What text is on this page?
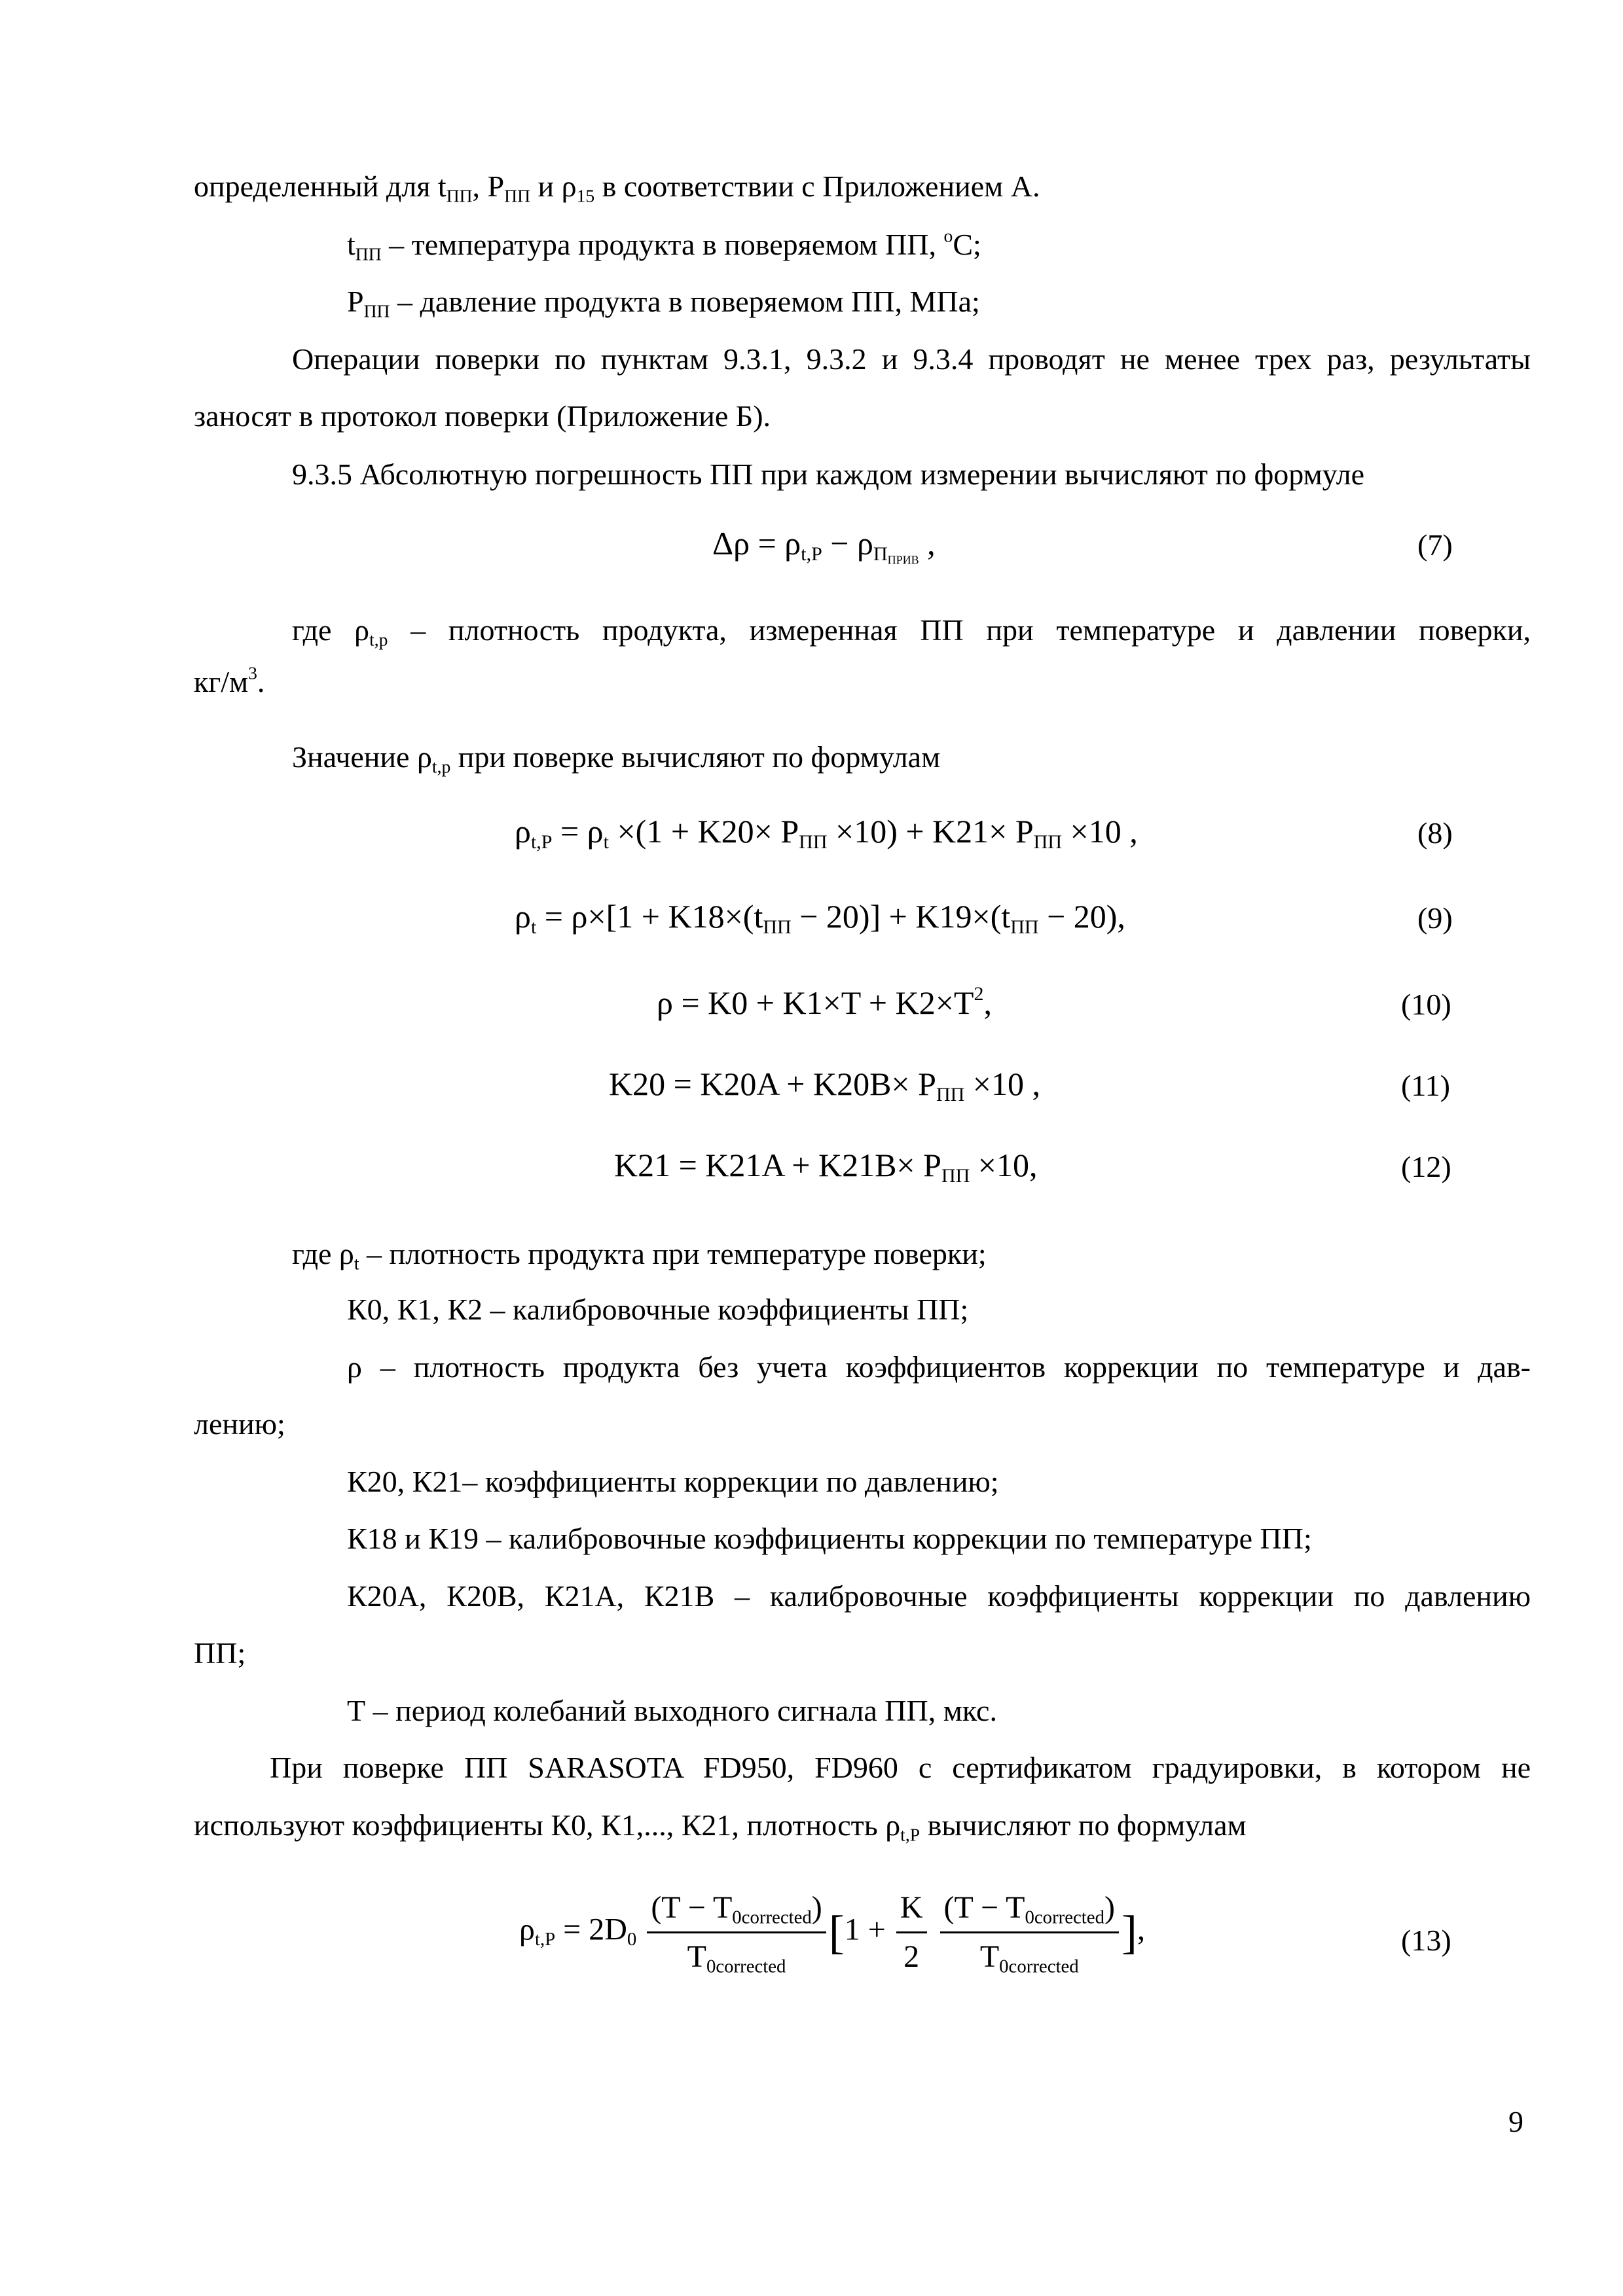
определенный для $t_{ПП}$, $P_{ПП}$ и $\rho_{15}$ в соответствии с Приложением А.
$t_{ПП}$ – температура продукта в поверяемом ПП, $^о$С;
$P_{ПП}$ – давление продукта в поверяемом ПП, МПа;
Операции поверки по пунктам 9.3.1, 9.3.2 и 9.3.4 проводят не менее трех раз, результаты
заносят в протокол поверки (Приложение Б).
9.3.5 Абсолютную погрешность ПП при каждом измерении вычисляют по формуле
где $\rho_{t,p}$ – плотность продукта, измеренная ПП при температуре и давлении поверки,
$кг/м^3$.
Значение $\rho_{t,p}$ при поверке вычисляют по формулам
где $\rho_t$ – плотность продукта при температуре поверки;
К0, К1, К2 – калибровочные коэффициенты ПП;
ρ – плотность продукта без учета коэффициентов коррекции по температуре и дав-
лению;
К20, К21– коэффициенты коррекции по давлению;
К18 и К19 – калибровочные коэффициенты коррекции по температуре ПП;
К20А, К20В, К21А, К21В – калибровочные коэффициенты коррекции по давлению
ПП;
Т – период колебаний выходного сигнала ПП, мкс.
При поверке ПП SARASOTA FD950, FD960 с сертификатом градуировки, в котором не
используют коэффициенты К0, К1,..., К21, плотность $\rho_{t,P}$ вычисляют по формулам
$\Delta\rho = \rho_{t,P} - \rho_{П_{ПРИВ}}$ ,
$\rho_{t,P} = \rho_t \times(1 + K20\times P_{ПП} \times 10) + K21\times P_{ПП} \times 10$ ,
$\rho_t = \rho\times[1 + K18\times(t_{ПП} - 20)] + K19\times(t_{ПП} - 20)$,
$\rho = K0 + K1\times T + K2\times T^2$,
$K20 = K20A + K20B\times P_{ПП} \times 10$ ,
$K21 = K21A + K21B\times P_{ПП} \times 10$,
$\rho_{t,P} = 2D_0 \frac{(T - T_{0corrected})}{T_{0corrected}} [1 + \frac{K}{2}$
$\frac{(T - T_{0corrected})}{T_{0corrected}}$ ],
(7)
(8)
(9)
(10)
(11)
(12)
(13)
9
